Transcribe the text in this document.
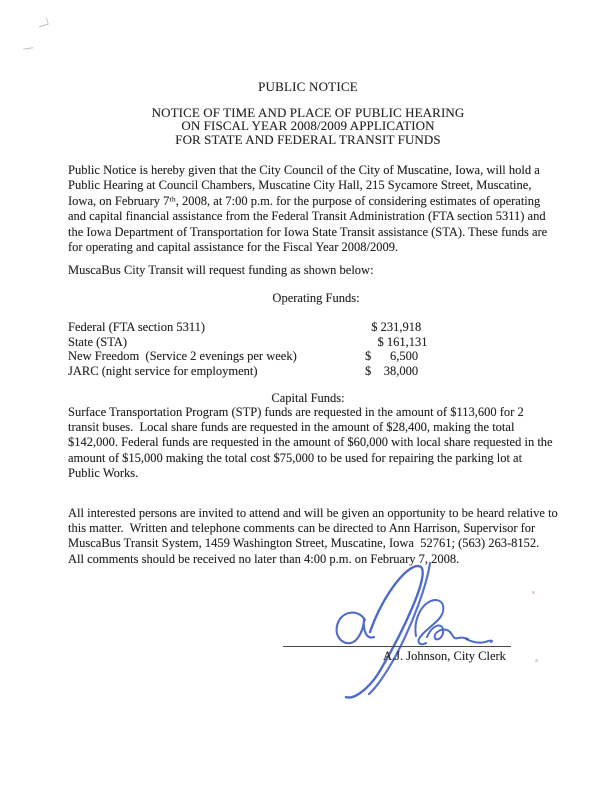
PUBLIC NOTICE
NOTICE OF TIME AND PLACE OF PUBLIC HEARING
ON FISCAL YEAR 2008/2009 APPLICATION
FOR STATE AND FEDERAL TRANSIT FUNDS
Public Notice is hereby given that the City Council of the City of Muscatine, Iowa, will hold a
Public Hearing at Council Chambers, Muscatine City Hall, 215 Sycamore Street, Muscatine,
Iowa, on February 7ᵗʰ, 2008, at 7:00 p.m. for the purpose of considering estimates of operating
and capital financial assistance from the Federal Transit Administration (FTA section 5311) and
the Iowa Department of Transportation for Iowa State Transit assistance (STA). These funds are
for operating and capital assistance for the Fiscal Year 2008/2009.
MuscaBus City Transit will request funding as shown below:
Operating Funds:
Federal (FTA section 5311)	$ 231,918
State (STA)	$ 161,131
New Freedom  (Service 2 evenings per week)	$      6,500
JARC (night service for employment)	$    38,000
Capital Funds:
Surface Transportation Program (STP) funds are requested in the amount of $113,600 for 2
transit buses.  Local share funds are requested in the amount of $28,400, making the total
$142,000. Federal funds are requested in the amount of $60,000 with local share requested in the
amount of $15,000 making the total cost $75,000 to be used for repairing the parking lot at
Public Works.
All interested persons are invited to attend and will be given an opportunity to be heard relative to
this matter.  Written and telephone comments can be directed to Ann Harrison, Supervisor for
MuscaBus Transit System, 1459 Washington Street, Muscatine, Iowa  52761; (563) 263-8152.
All comments should be received no later than 4:00 p.m. on February 7, 2008.
A.J. Johnson, City Clerk
